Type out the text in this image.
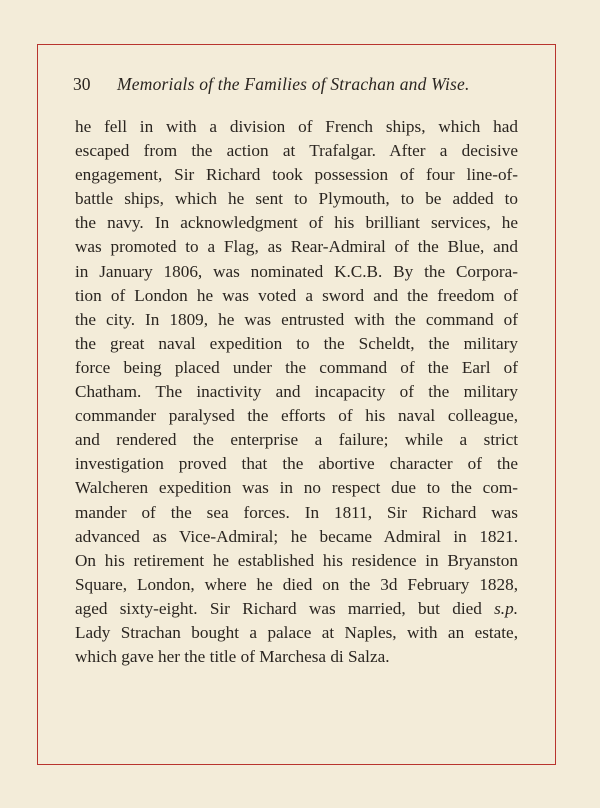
30 Memorials of the Families of Strachan and Wise.
he fell in with a division of French ships, which had
escaped from the action at Trafalgar. After a decisive
engagement, Sir Richard took possession of four line-of-
battle ships, which he sent to Plymouth, to be added to
the navy. In acknowledgment of his brilliant services, he
was promoted to a Flag, as Rear-Admiral of the Blue, and
in January 1806, was nominated K.C.B. By the Corpora-
tion of London he was voted a sword and the freedom of
the city. In 1809, he was entrusted with the command of
the great naval expedition to the Scheldt, the military
force being placed under the command of the Earl of
Chatham. The inactivity and incapacity of the military
commander paralysed the efforts of his naval colleague,
and rendered the enterprise a failure; while a strict
investigation proved that the abortive character of the
Walcheren expedition was in no respect due to the com-
mander of the sea forces. In 1811, Sir Richard was
advanced as Vice-Admiral; he became Admiral in 1821.
On his retirement he established his residence in Bryanston
Square, London, where he died on the 3d February 1828,
aged sixty-eight. Sir Richard was married, but died s.p.
Lady Strachan bought a palace at Naples, with an estate,
which gave her the title of Marchesa di Salza.
